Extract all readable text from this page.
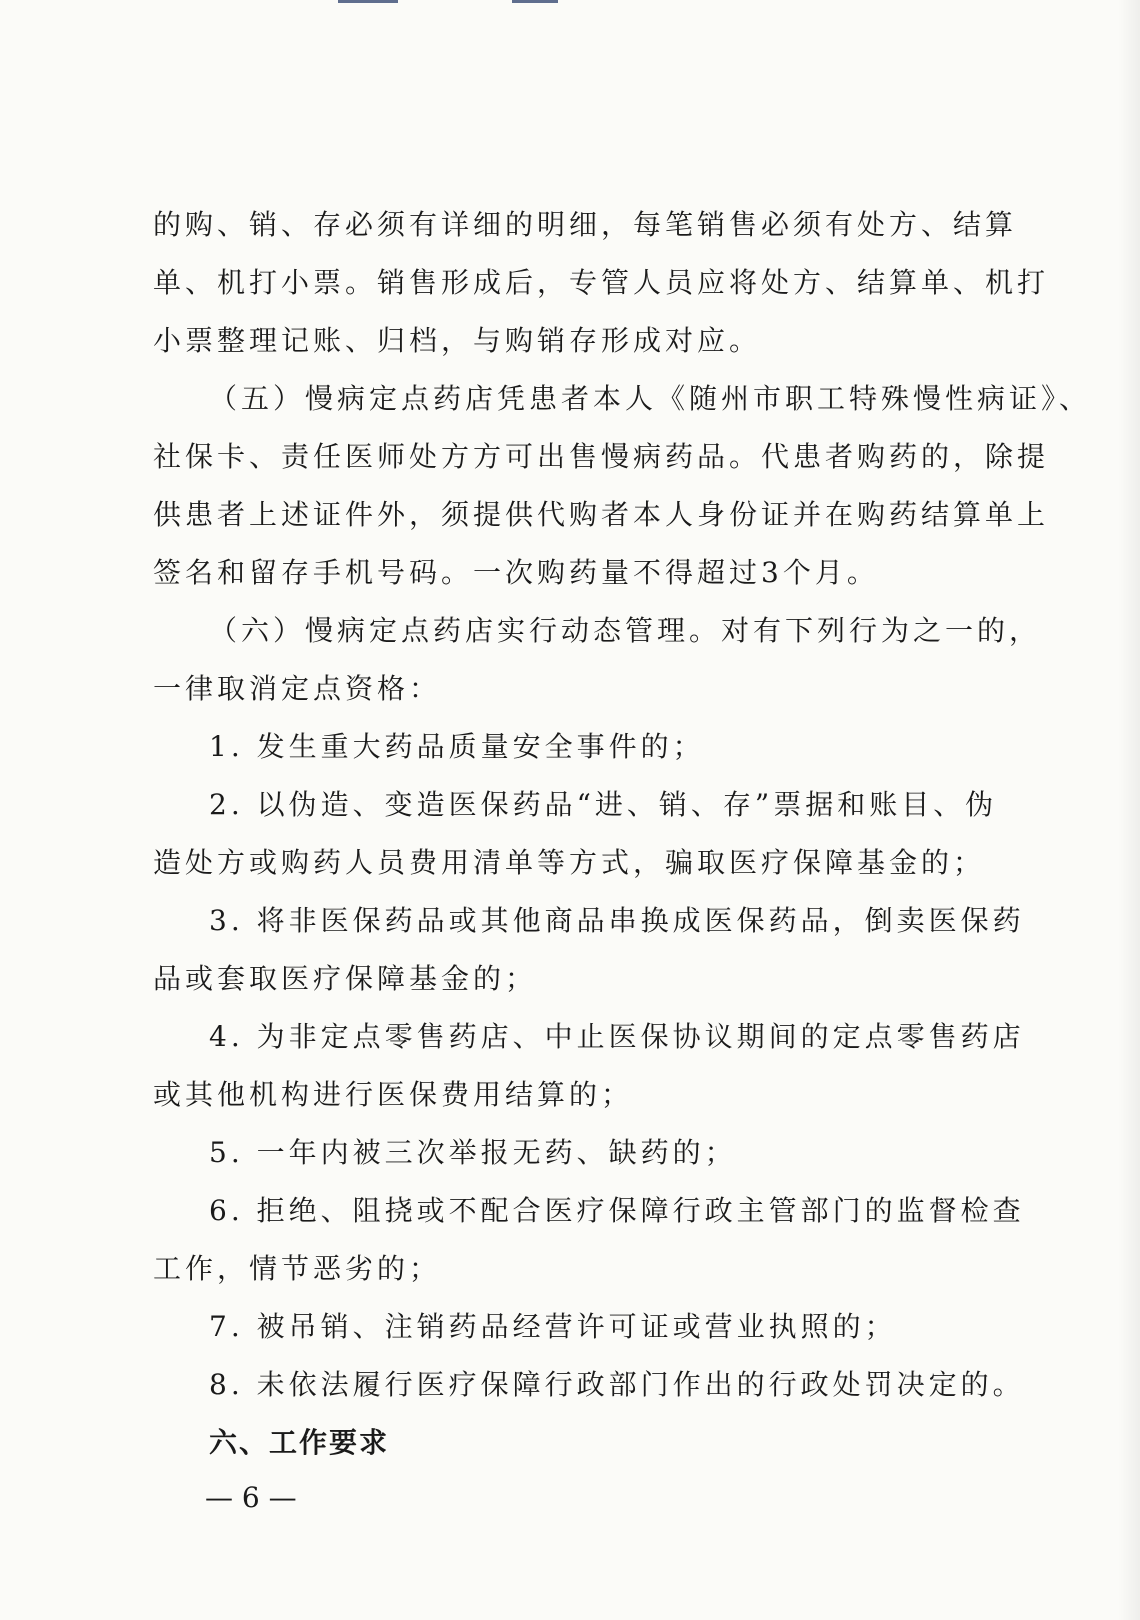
的购、销、存必须有详细的明细，每笔销售必须有处方、结算
单、机打小票。销售形成后，专管人员应将处方、结算单、机打
小票整理记账、归档，与购销存形成对应。
（五）慢病定点药店凭患者本人《随州市职工特殊慢性病证》、
社保卡、责任医师处方方可出售慢病药品。代患者购药的，除提
供患者上述证件外，须提供代购者本人身份证并在购药结算单上
签名和留存手机号码。一次购药量不得超过3个月。
（六）慢病定点药店实行动态管理。对有下列行为之一的，
一律取消定点资格：
1. 发生重大药品质量安全事件的；
2. 以伪造、变造医保药品“进、销、存”票据和账目、伪
造处方或购药人员费用清单等方式，骗取医疗保障基金的；
3. 将非医保药品或其他商品串换成医保药品，倒卖医保药
品或套取医疗保障基金的；
4. 为非定点零售药店、中止医保协议期间的定点零售药店
或其他机构进行医保费用结算的；
5. 一年内被三次举报无药、缺药的；
6. 拒绝、阻挠或不配合医疗保障行政主管部门的监督检查
工作，情节恶劣的；
7. 被吊销、注销药品经营许可证或营业执照的；
8. 未依法履行医疗保障行政部门作出的行政处罚决定的。
六、工作要求
— 6 —
